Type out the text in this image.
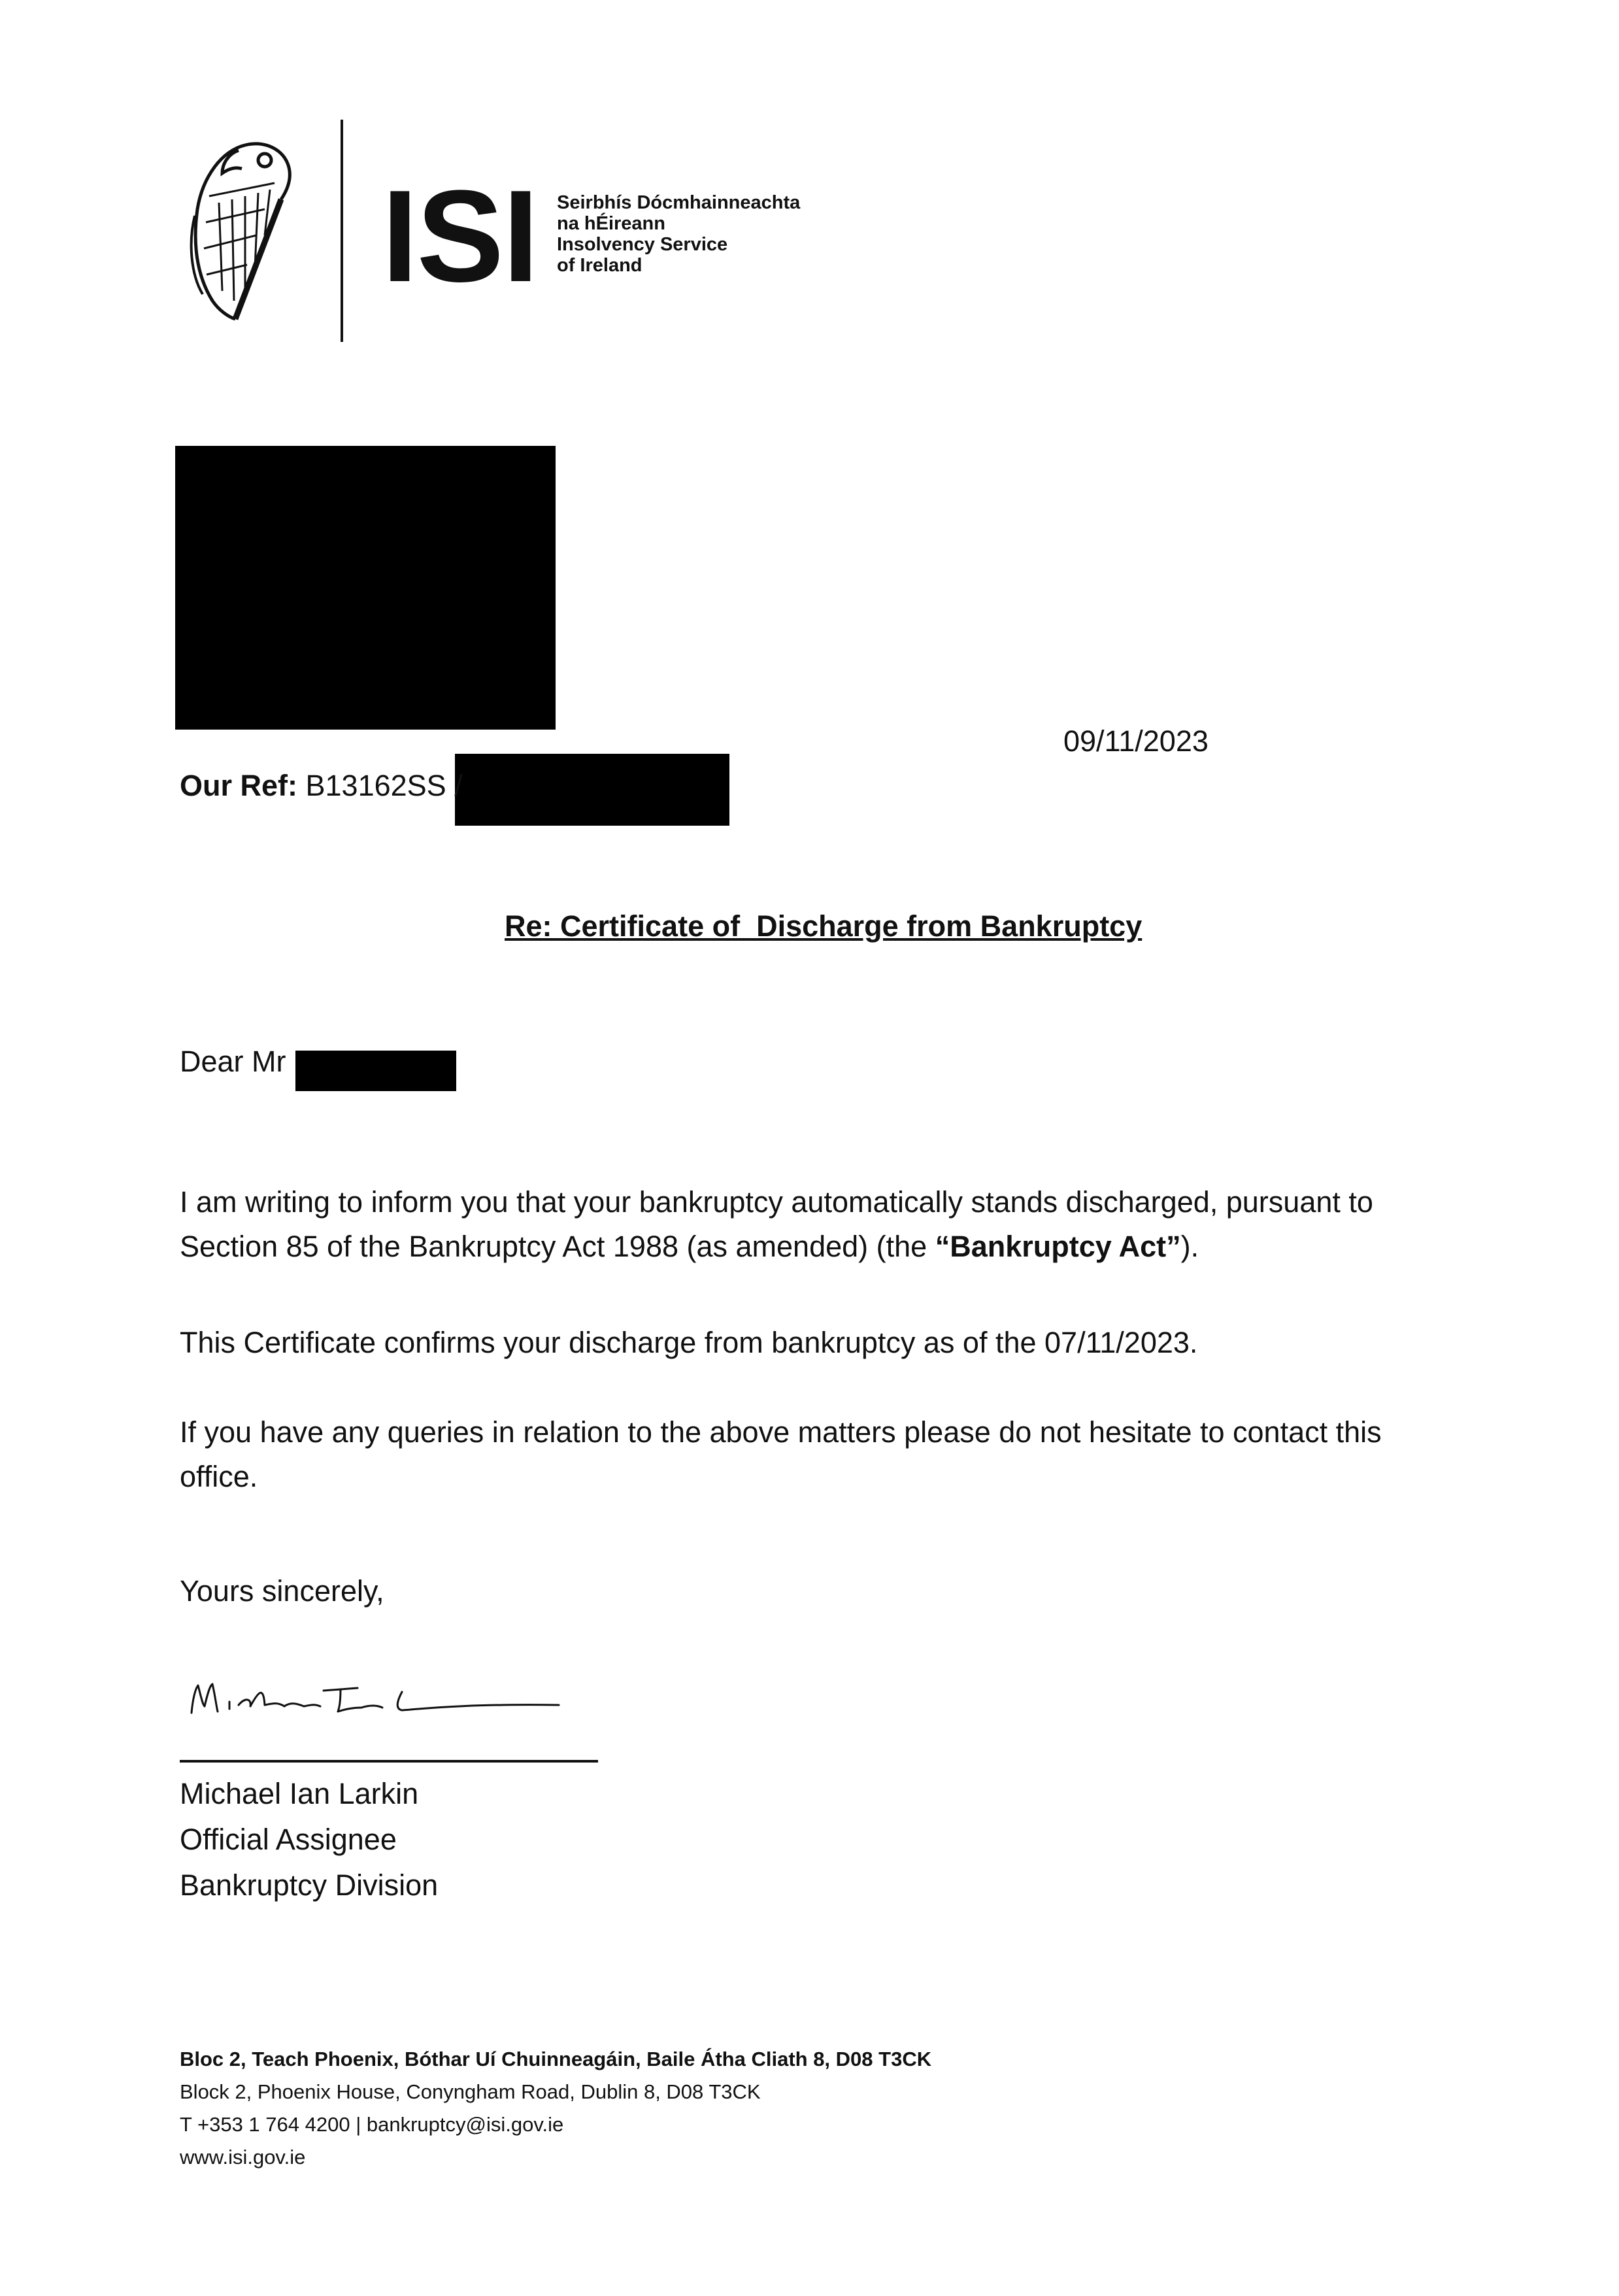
ISI Seirbhís Dócmhainneachta
na hÉireann
Insolvency Service
of Ireland
09/11/2023
Our Ref: B13162SS /
Re: Certificate of  Discharge from Bankruptcy
Dear Mr
I am writing to inform you that your bankruptcy automatically stands discharged, pursuant to Section 85 of the Bankruptcy Act 1988 (as amended) (the “Bankruptcy Act”).
This Certificate confirms your discharge from bankruptcy as of the 07/11/2023.
If you have any queries in relation to the above matters please do not hesitate to contact this office.
Yours sincerely,
Michael Ian Larkin
Official Assignee
Bankruptcy Division
Bloc 2, Teach Phoenix, Bóthar Uí Chuinneagáin, Baile Átha Cliath 8, D08 T3CK
Block 2, Phoenix House, Conyngham Road, Dublin 8, D08 T3CK
T +353 1 764 4200 | bankruptcy@isi.gov.ie
www.isi.gov.ie
